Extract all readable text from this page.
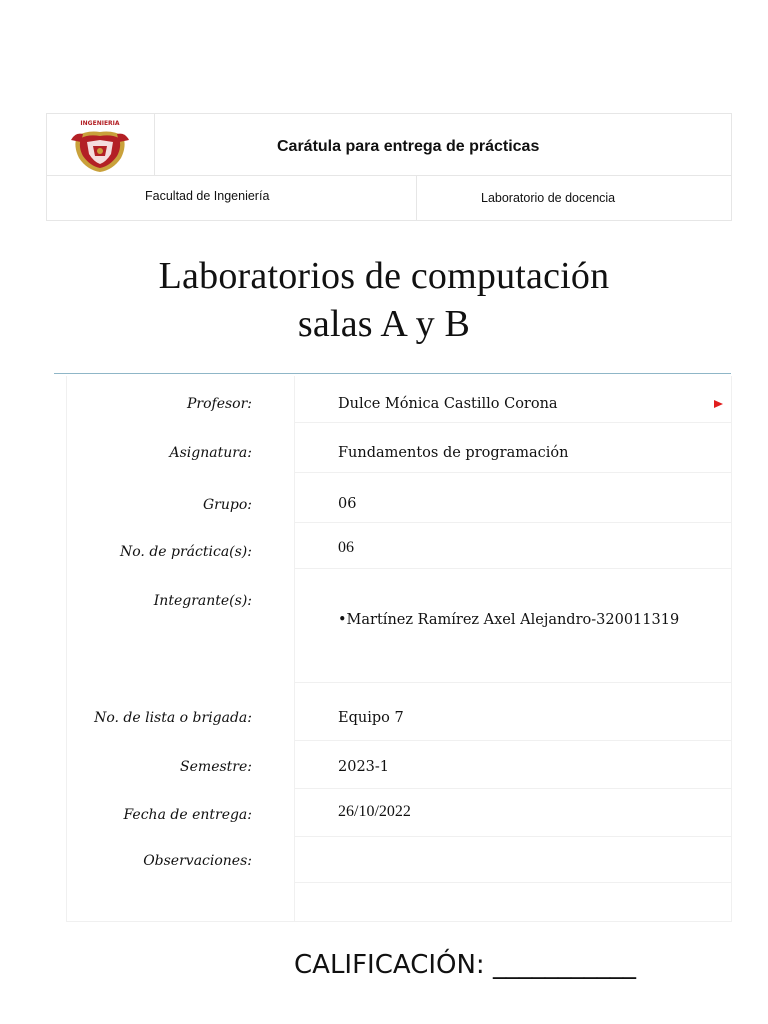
INGENIERIA
Carátula para entrega de prácticas
Facultad de Ingeniería	Laboratorio de docencia
Laboratorios de computación
salas A y B
Profesor:	Dulce Mónica Castillo Corona
Asignatura:	Fundamentos de programación
Grupo:	06
No. de práctica(s):	06
Integrante(s):
•Martínez Ramírez Axel Alejandro-320011319
No. de lista o brigada:	Equipo 7
Semestre:	2023-1
Fecha de entrega:	26/10/2022
Observaciones:
CALIFICACIÓN: ___________
